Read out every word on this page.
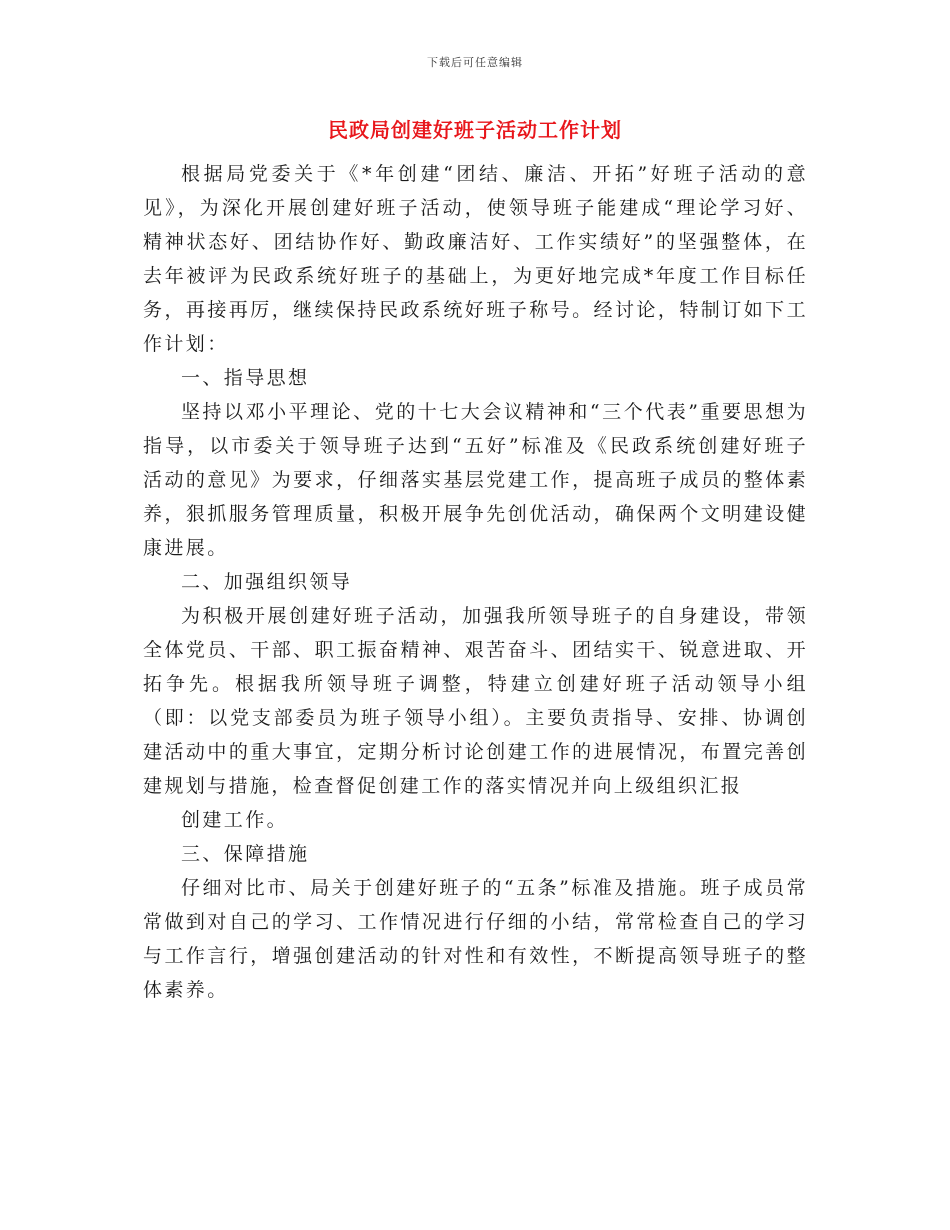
下载后可任意编辑
民政局创建好班子活动工作计划

根据局党委关于《*年创建“团结、廉洁、开拓”好班子活动的意见》，为深化开展创建好班子活动，使领导班子能建成“理论学习好、精神状态好、团结协作好、勤政廉洁好、工作实绩好”的坚强整体，在去年被评为民政系统好班子的基础上，为更好地完成*年度工作目标任务，再接再厉，继续保持民政系统好班子称号。经讨论，特制订如下工作计划：

一、指导思想

坚持以邓小平理论、党的十七大会议精神和“三个代表”重要思想为指导，以市委关于领导班子达到“五好”标准及《民政系统创建好班子活动的意见》为要求，仔细落实基层党建工作，提高班子成员的整体素养，狠抓服务管理质量，积极开展争先创优活动，确保两个文明建设健康进展。

二、加强组织领导

为积极开展创建好班子活动，加强我所领导班子的自身建设，带领全体党员、干部、职工振奋精神、艰苦奋斗、团结实干、锐意进取、开拓争先。根据我所领导班子调整，特建立创建好班子活动领导小组（即：以党支部委员为班子领导小组）。主要负责指导、安排、协调创建活动中的重大事宜，定期分析讨论创建工作的进展情况，布置完善创建规划与措施，检查督促创建工作的落实情况并向上级组织汇报

创建工作。

三、保障措施

仔细对比市、局关于创建好班子的“五条”标准及措施。班子成员常常做到对自己的学习、工作情况进行仔细的小结，常常检查自己的学习与工作言行，增强创建活动的针对性和有效性，不断提高领导班子的整体素养。
